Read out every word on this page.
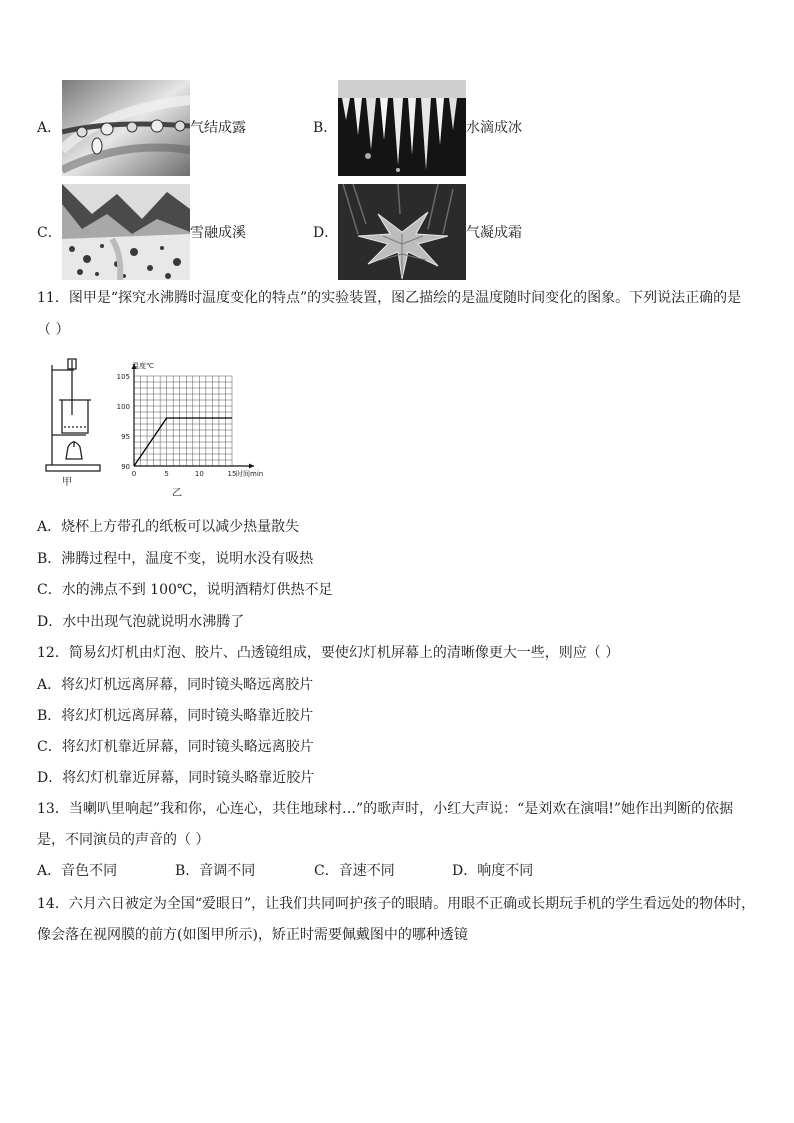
A．	气结成露	B．	水滴成冰
C．	雪融成溪	D．	气凝成霜
11．图甲是“探究水沸腾时温度变化的特点”的实验装置，图乙描绘的是温度随时间变化的图象。下列说法正确的是
（ ）
甲
90
95
100
105
0	5	10	15
温度℃
时间min
乙
A．烧杯上方带孔的纸板可以减少热量散失
B．沸腾过程中，温度不变，说明水没有吸热
C．水的沸点不到 100℃，说明酒精灯供热不足
D．水中出现气泡就说明水沸腾了
12．简易幻灯机由灯泡、胶片、凸透镜组成，要使幻灯机屏幕上的清晰像更大一些，则应（ ）
A．将幻灯机远离屏幕，同时镜头略远离胶片
B．将幻灯机远离屏幕，同时镜头略靠近胶片
C．将幻灯机靠近屏幕，同时镜头略远离胶片
D．将幻灯机靠近屏幕，同时镜头略靠近胶片
13．当喇叭里响起”我和你，心连心，共住地球村…”的歌声时，小红大声说：“是刘欢在演唱!”她作出判断的依据
是，不同演员的声音的（ ）
A．音色不同	B．音调不同	C．音速不同	D．响度不同
14．六月六日被定为全国“爱眼日”，让我们共同呵护孩子的眼睛。用眼不正确或长期玩手机的学生看远处的物体时，
像会落在视网膜的前方(如图甲所示)，矫正时需要佩戴图中的哪种透镜
